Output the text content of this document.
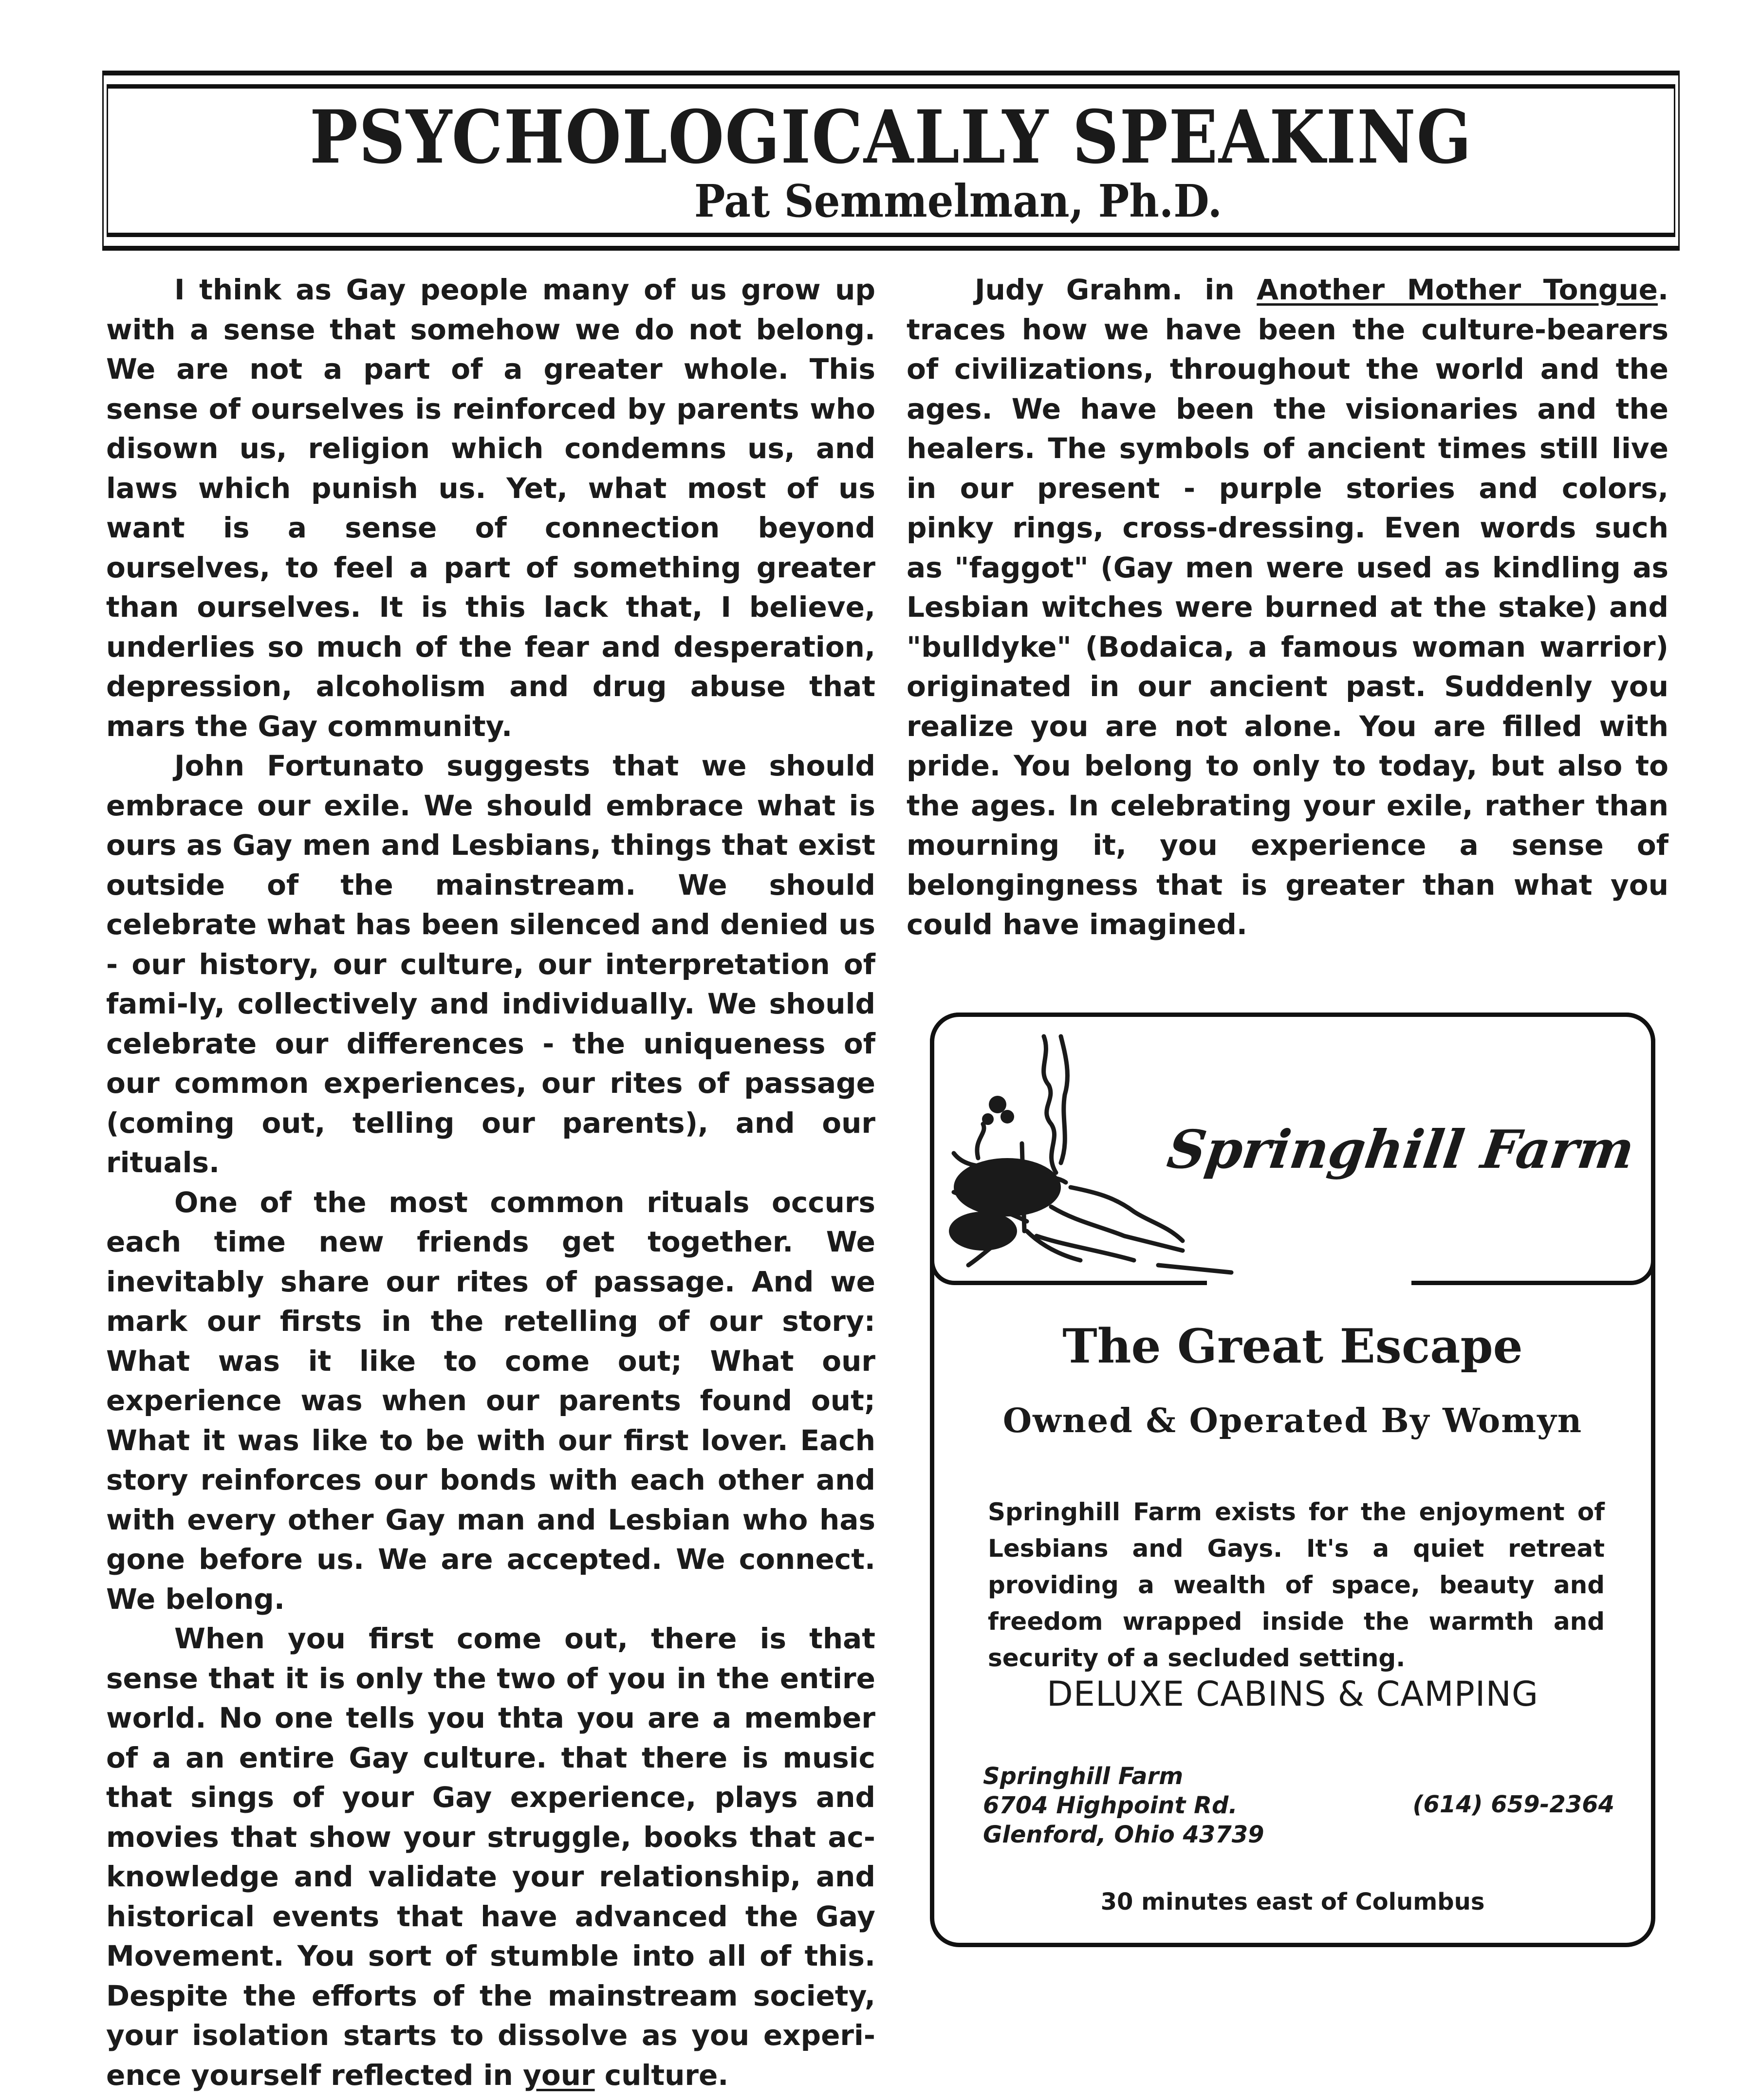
PSYCHOLOGICALLY SPEAKING
Pat Semmelman, Ph.D.

I think as Gay people many of us grow up with a sense that somehow we do not belong. We are not a part of a greater whole. This sense of ourselves is reinforced by parents who disown us, religion which condemns us, and laws which punish us. Yet, what most of us want is a sense of connection beyond ourselves, to feel a part of something greater than ourselves. It is this lack that, I believe, underlies so much of the fear and desperation, depression, alcoholism and drug abuse that mars the Gay community.

John Fortunato suggests that we should embrace our exile. We should embrace what is ours as Gay men and Lesbians, things that exist outside of the mainstream. We should celebrate what has been silenced and denied us - our history, our culture, our interpretation of fami-ly, collectively and individually. We should celebrate our differences - the uniqueness of our common experiences, our rites of passage (coming out, telling our parents), and our rituals.

One of the most common rituals occurs each time new friends get together. We inevitably share our rites of passage. And we mark our firsts in the retelling of our story: What was it like to come out; What our experience was when our parents found out; What it was like to be with our first lover. Each story reinforces our bonds with each other and with every other Gay man and Lesbian who has gone before us. We are accepted. We connect. We belong.

When you first come out, there is that sense that it is only the two of you in the entire world. No one tells you thta you are a member of a an entire Gay culture. that there is music that sings of your Gay experience, plays and movies that show your struggle, books that ac-knowledge and validate your relationship, and historical events that have advanced the Gay Movement. You sort of stumble into all of this. Despite the efforts of the mainstream society, your isolation starts to dissolve as you experi-ence yourself reflected in your culture.

Judy Grahm. in Another Mother Tongue. traces how we have been the culture-bearers of civilizations, throughout the world and the ages. We have been the visionaries and the healers. The symbols of ancient times still live in our present - purple stories and colors, pinky rings, cross-dressing. Even words such as "faggot" (Gay men were used as kindling as Lesbian witches were burned at the stake) and "bulldyke" (Bodaica, a famous woman warrior) originated in our ancient past. Suddenly you realize you are not alone. You are filled with pride. You belong to only to today, but also to the ages. In celebrating your exile, rather than mourning it, you experience a sense of belongingness that is greater than what you could have imagined.

Springhill Farm
The Great Escape
Owned & Operated By Womyn
Springhill Farm exists for the enjoyment of Lesbians and Gays. It's a quiet retreat providing a wealth of space, beauty and freedom wrapped inside the warmth and security of a secluded setting.
DELUXE CABINS & CAMPING
Springhill Farm
6704 Highpoint Rd.
Glenford, Ohio 43739
(614) 659-2364
30 minutes east of Columbus
